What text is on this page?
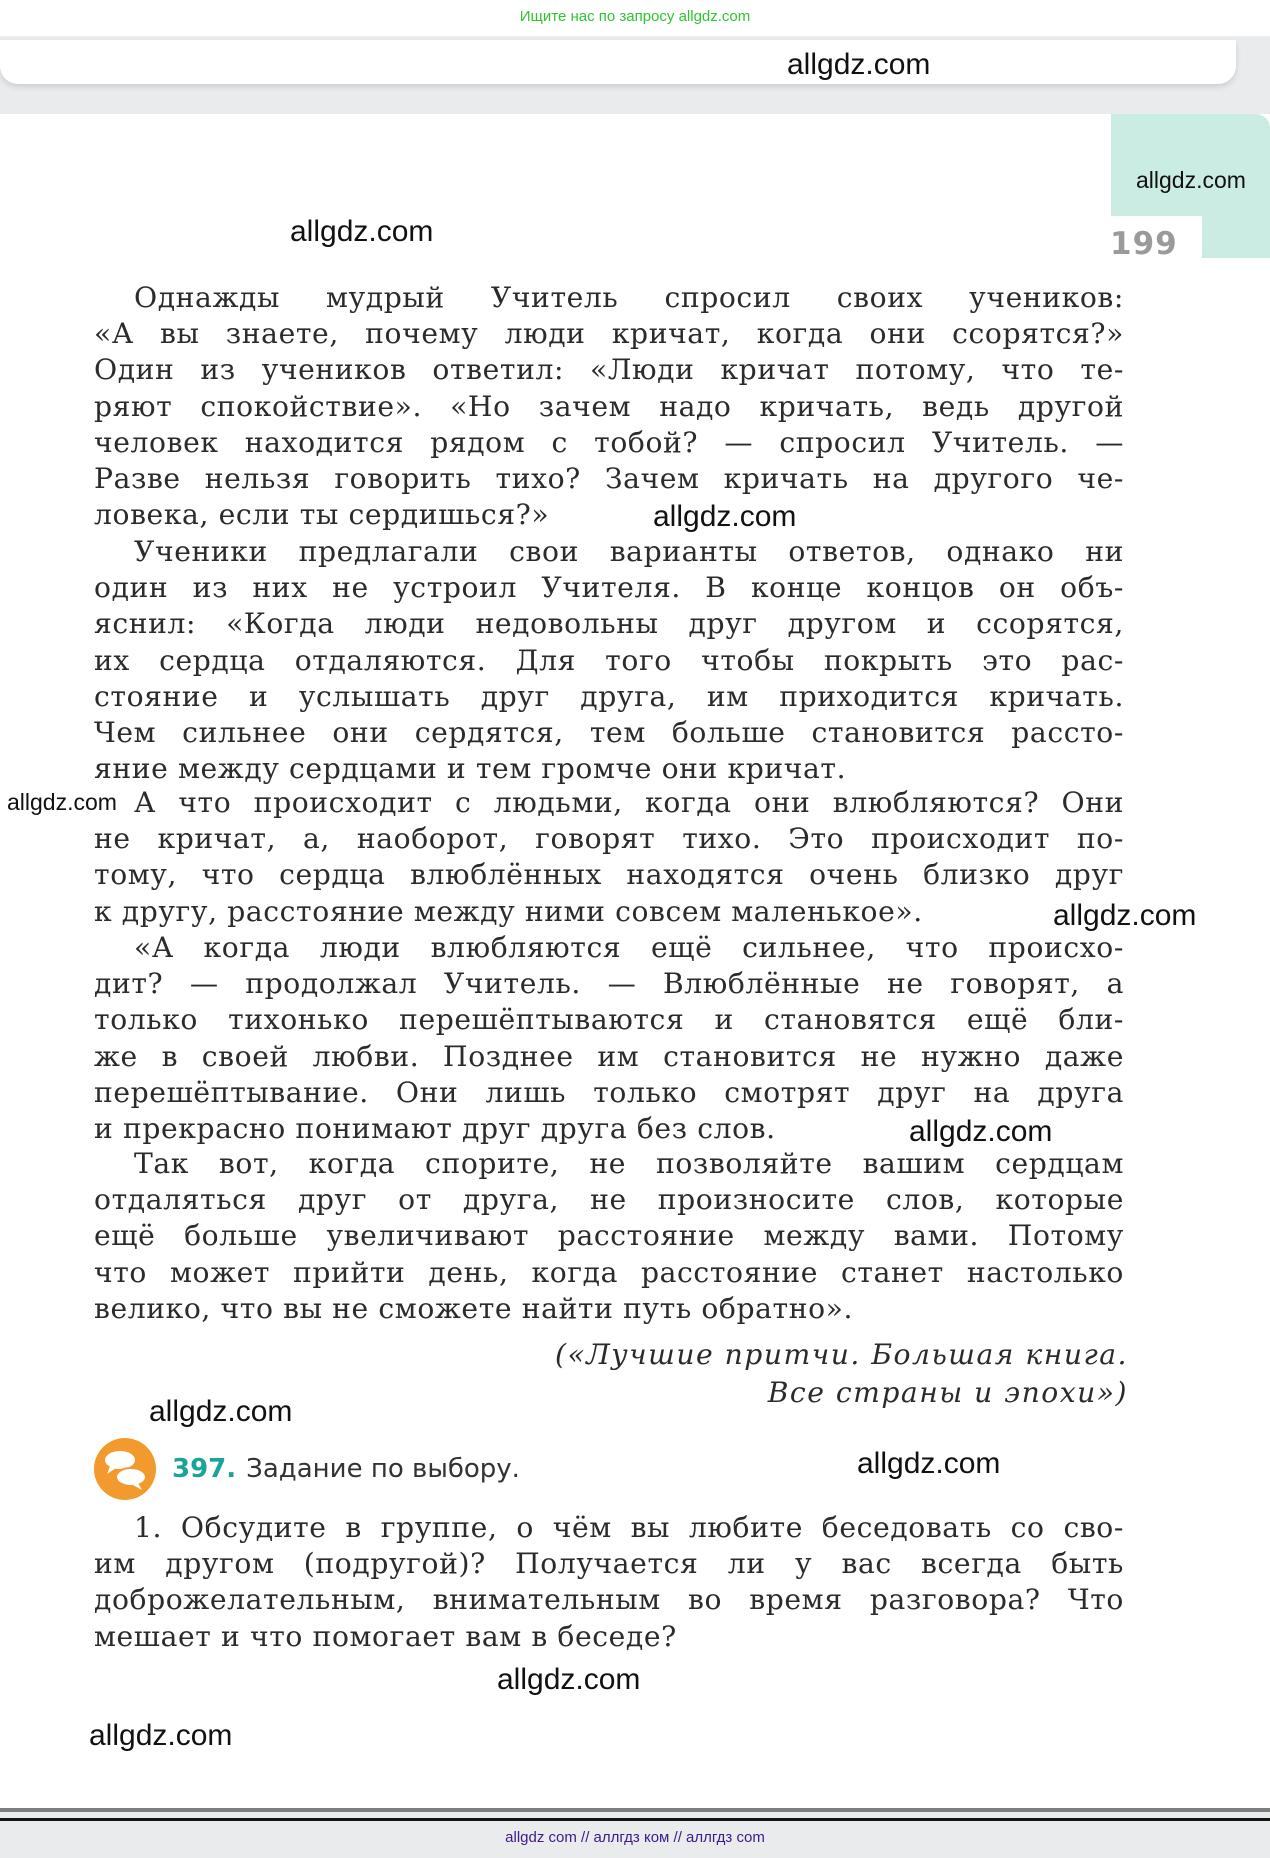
Ищите нас по запросу allgdz.com
allgdz.com
199
allgdz.com
allgdz.com
Однажды мудрый Учитель спросил своих учеников:
«А вы знаете, почему люди кричат, когда они ссорятся?»
Один из учеников ответил: «Люди кричат потому, что те-
ряют спокойствие». «Но зачем надо кричать, ведь другой
человек находится рядом с тобой? — спросил Учитель. —
Разве нельзя говорить тихо? Зачем кричать на другого че-
ловека, если ты сердишься?»	allgdz.com
Ученики предлагали свои варианты ответов, однако ни
один из них не устроил Учителя. В конце концов он объ-
яснил: «Когда люди недовольны друг другом и ссорятся,
их сердца отдаляются. Для того чтобы покрыть это рас-
стояние и услышать друг друга, им приходится кричать.
Чем сильнее они сердятся, тем больше становится рассто-
яние между сердцами и тем громче они кричат.
А что происходит с людьми, когда они влюбляются? Они
не кричат, а, наоборот, говорят тихо. Это происходит по-
тому, что сердца влюблённых находятся очень близко друг
к другу, расстояние между ними совсем маленькое».
allgdz.com
allgdz.com
«А когда люди влюбляются ещё сильнее, что происхо-
дит? — продолжал Учитель. — Влюблённые не говорят, а
только тихонько перешёптываются и становятся ещё бли-
же в своей любви. Позднее им становится не нужно даже
перешёптывание. Они лишь только смотрят друг на друга
и прекрасно понимают друг друга без слов.	allgdz.com
Так вот, когда спорите, не позволяйте вашим сердцам
отдаляться друг от друга, не произносите слов, которые
ещё больше увеличивают расстояние между вами. Потому
что может прийти день, когда расстояние станет настолько
велико, что вы не сможете найти путь обратно».
(«Лучшие притчи. Большая книга.
Все страны и эпохи»)
allgdz.com
allgdz.com
397. Задание по выбору.
1. Обсудите в группе, о чём вы любите беседовать со сво-
им другом (подругой)? Получается ли у вас всегда быть
доброжелательным, внимательным во время разговора? Что
мешает и что помогает вам в беседе?
allgdz.com
allgdz.com
allgdz com // аллгдз ком // аллгдз com
